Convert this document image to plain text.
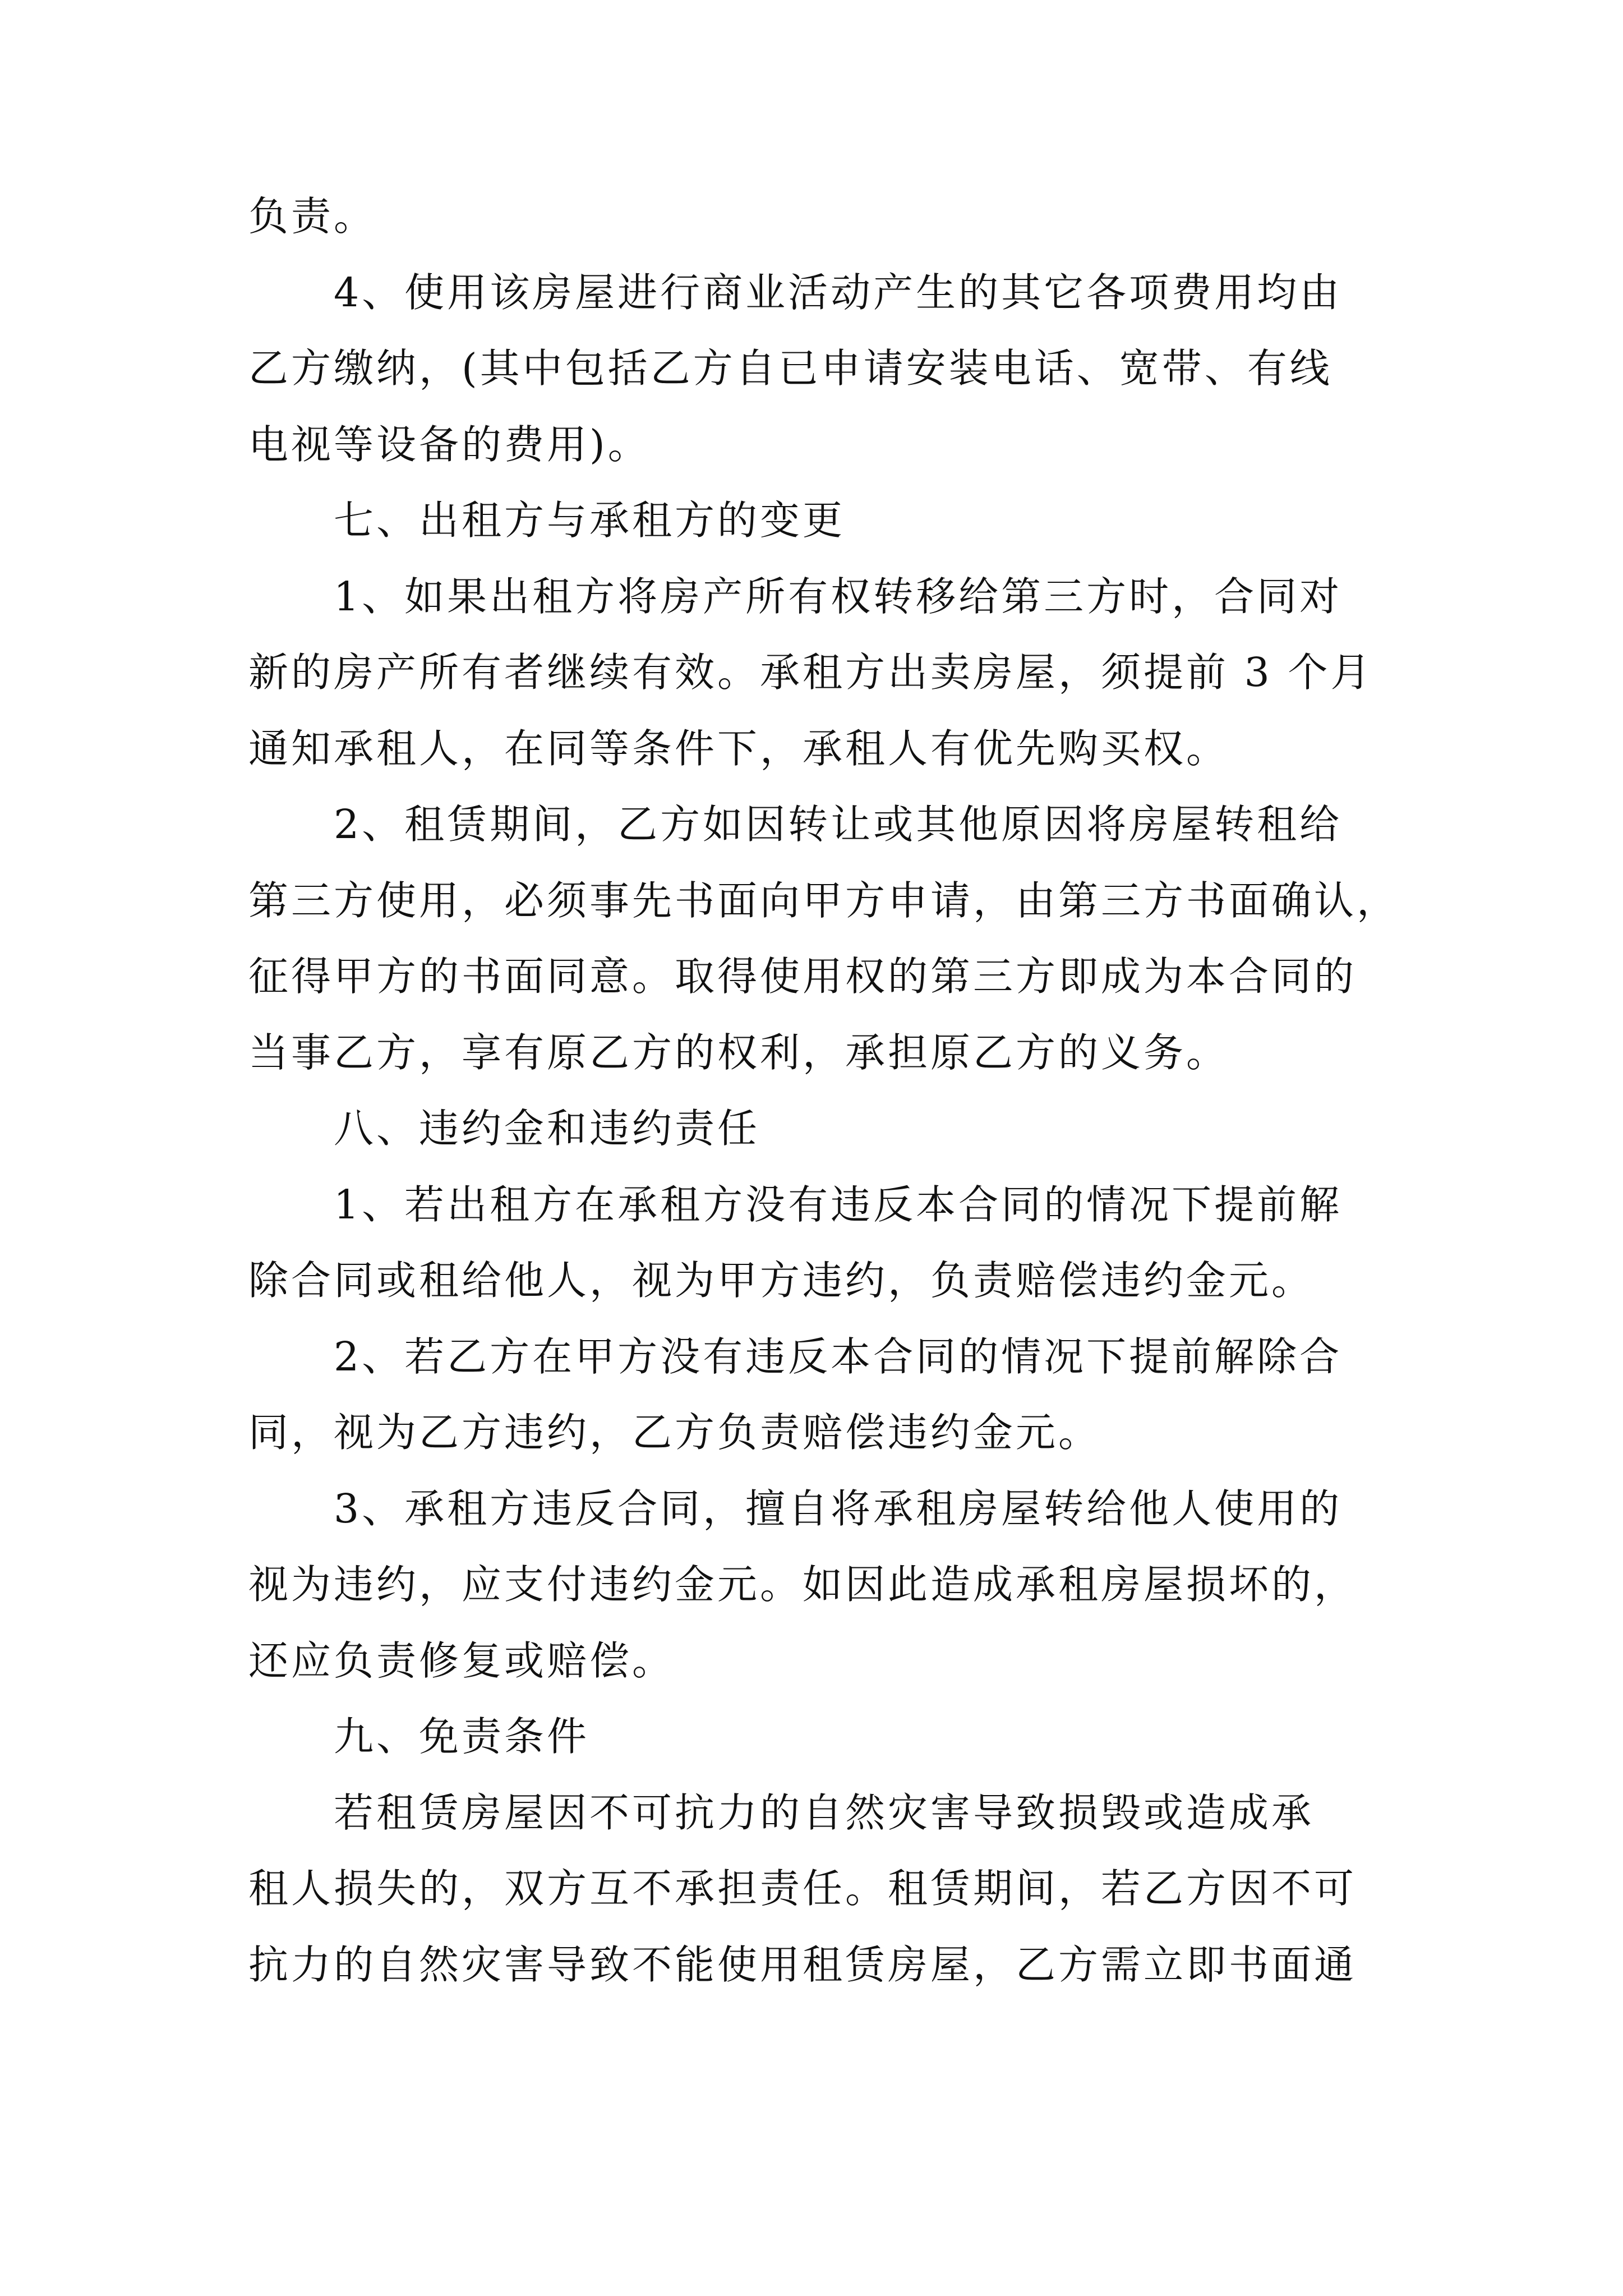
负责。
4、使用该房屋进行商业活动产生的其它各项费用均由
乙方缴纳，(其中包括乙方自已申请安装电话、宽带、有线
电视等设备的费用)。
七、出租方与承租方的变更
1、如果出租方将房产所有权转移给第三方时，合同对
新的房产所有者继续有效。承租方出卖房屋，须提前 3 个月
通知承租人，在同等条件下，承租人有优先购买权。
2、租赁期间，乙方如因转让或其他原因将房屋转租给
第三方使用，必须事先书面向甲方申请，由第三方书面确认，
征得甲方的书面同意。取得使用权的第三方即成为本合同的
当事乙方，享有原乙方的权利，承担原乙方的义务。
八、违约金和违约责任
1、若出租方在承租方没有违反本合同的情况下提前解
除合同或租给他人，视为甲方违约，负责赔偿违约金元。
2、若乙方在甲方没有违反本合同的情况下提前解除合
同，视为乙方违约，乙方负责赔偿违约金元。
3、承租方违反合同，擅自将承租房屋转给他人使用的
视为违约，应支付违约金元。如因此造成承租房屋损坏的，
还应负责修复或赔偿。
九、免责条件
若租赁房屋因不可抗力的自然灾害导致损毁或造成承
租人损失的，双方互不承担责任。租赁期间，若乙方因不可
抗力的自然灾害导致不能使用租赁房屋，乙方需立即书面通
